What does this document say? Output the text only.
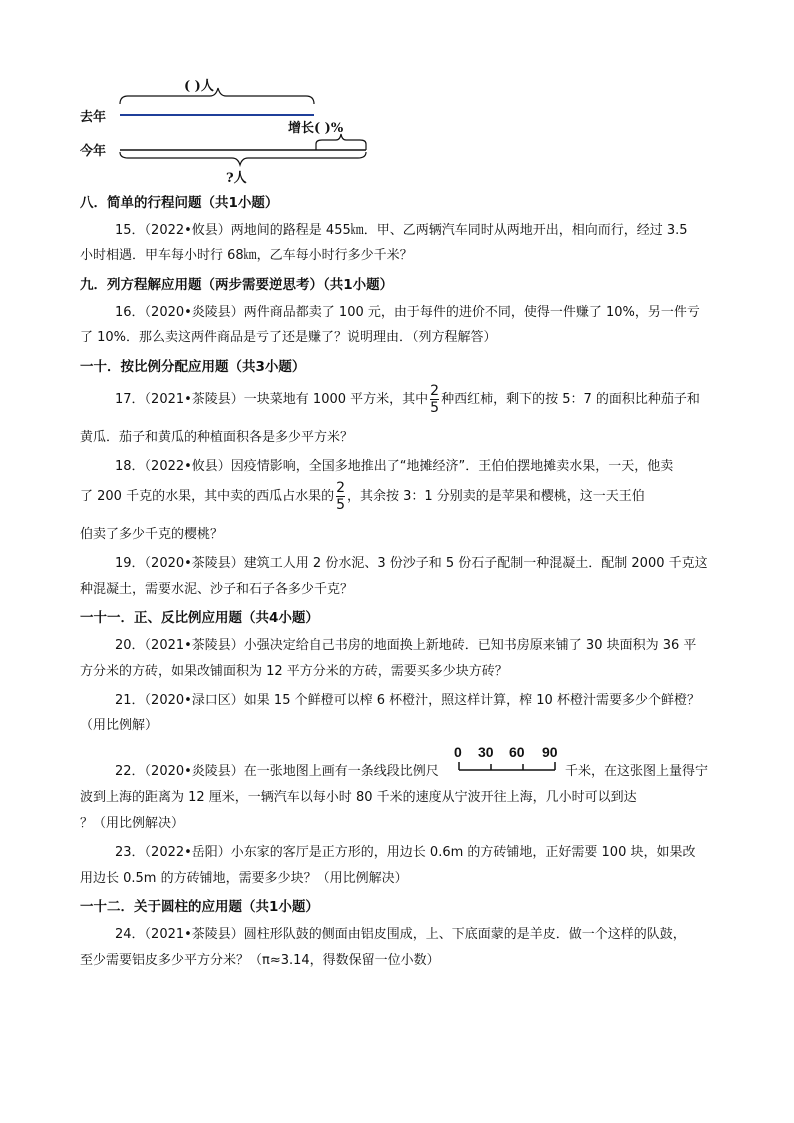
( )人
去年
增长( )%
今年
?人
八．简单的行程问题（共1小题）
15．（2022•攸县）两地间的路程是 455㎞．甲、乙两辆汽车同时从两地开出，相向而行，经过 3.5
小时相遇．甲车每小时行 68㎞，乙车每小时行多少千米？
九．列方程解应用题（两步需要逆思考）（共1小题）
16．（2020•炎陵县）两件商品都卖了 100 元，由于每件的进价不同，使得一件赚了 10%，另一件亏
了 10%．那么卖这两件商品是亏了还是赚了？说明理由．（列方程解答）
一十．按比例分配应用题（共3小题）
17．（2021•茶陵县）一块菜地有 1000 平方米，其中 $\frac{2}{5}$ 种西红柿，剩下的按 5：7 的面积比种茄子和
黄瓜．茄子和黄瓜的种植面积各是多少平方米？
18．（2022•攸县）因疫情影响，全国多地推出了“地摊经济”．王伯伯摆地摊卖水果，一天，他卖
了 200 千克的水果，其中卖的西瓜占水果的 $\frac{2}{5}$ ，其余按 3：1 分别卖的是苹果和樱桃，这一天王伯
伯卖了多少千克的樱桃？
19．（2020•茶陵县）建筑工人用 2 份水泥、3 份沙子和 5 份石子配制一种混凝土．配制 2000 千克这
种混凝土，需要水泥、沙子和石子各多少千克？
一十一．正、反比例应用题（共4小题）
20．（2021•茶陵县）小强决定给自己书房的地面换上新地砖．已知书房原来铺了 30 块面积为 36 平
方分米的方砖，如果改铺面积为 12 平方分米的方砖，需要买多少块方砖？
21．（2020•渌口区）如果 15 个鲜橙可以榨 6 杯橙汁，照这样计算，榨 10 杯橙汁需要多少个鲜橙？
（用比例解）
22．（2020•炎陵县）在一张地图上画有一条线段比例尺
0 30 60 90
千米，在这张图上量得宁
波到上海的距离为 12 厘米，一辆汽车以每小时 80 千米的速度从宁波开往上海，几小时可以到达
？（用比例解决）
23．（2022•岳阳）小东家的客厅是正方形的，用边长 0.6m 的方砖铺地，正好需要 100 块，如果改
用边长 0.5m 的方砖铺地，需要多少块？（用比例解决）
一十二．关于圆柱的应用题（共1小题）
24．（2021•茶陵县）圆柱形队鼓的侧面由铝皮围成，上、下底面蒙的是羊皮．做一个这样的队鼓，
至少需要铝皮多少平方分米？（π≈3.14，得数保留一位小数）
